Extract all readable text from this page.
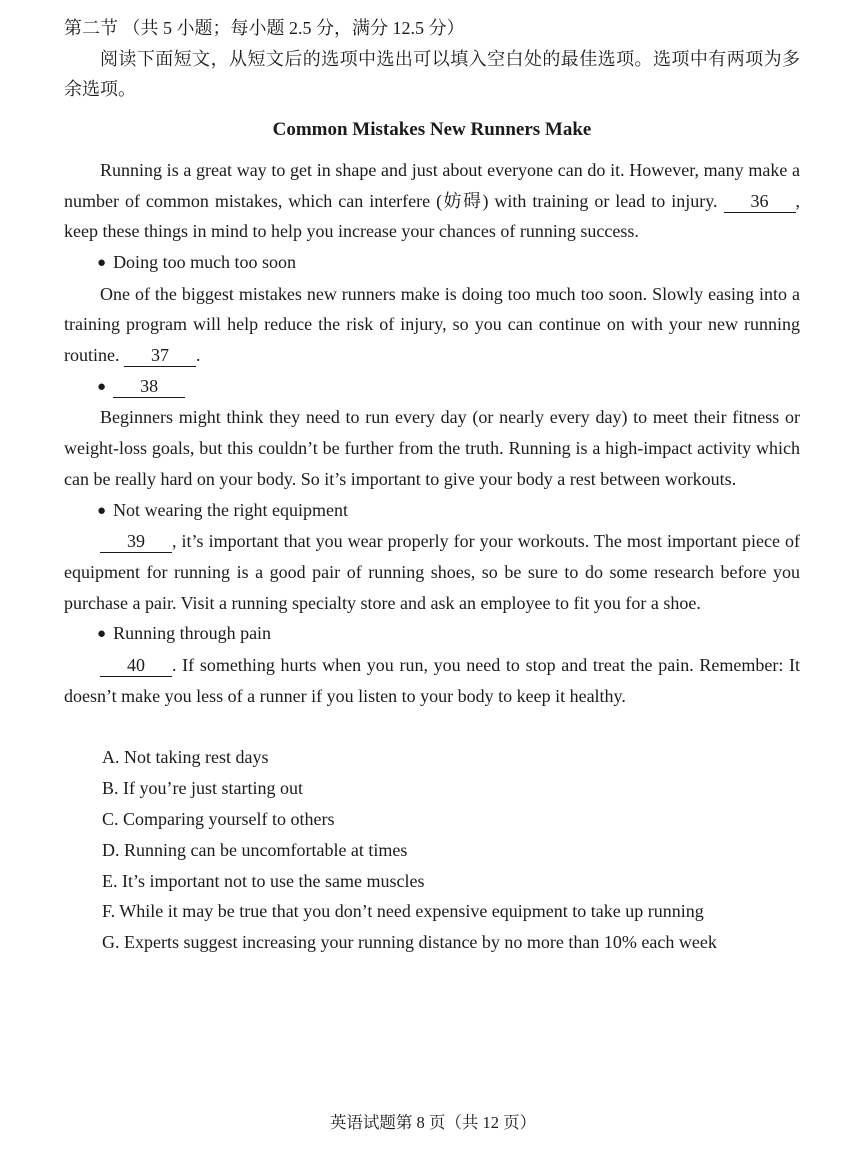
第二节 （共 5 小题；每小题 2.5 分，满分 12.5 分）

阅读下面短文，从短文后的选项中选出可以填入空白处的最佳选项。选项中有两项为多余选项。

Common Mistakes New Runners Make

Running is a great way to get in shape and just about everyone can do it. However, many make a number of common mistakes, which can interfere (妨碍) with training or lead to injury. 36 , keep these things in mind to help you increase your chances of running success.

● Doing too much too soon

One of the biggest mistakes new runners make is doing too much too soon. Slowly easing into a training program will help reduce the risk of injury, so you can continue on with your new running routine. 37 .

● 38

Beginners might think they need to run every day (or nearly every day) to meet their fitness or weight-loss goals, but this couldn’t be further from the truth. Running is a high-impact activity which can be really hard on your body. So it’s important to give your body a rest between workouts.

● Not wearing the right equipment

39 , it’s important that you wear properly for your workouts. The most important piece of equipment for running is a good pair of running shoes, so be sure to do some research before you purchase a pair. Visit a running specialty store and ask an employee to fit you for a shoe.

● Running through pain

40 . If something hurts when you run, you need to stop and treat the pain. Remember: It doesn’t make you less of a runner if you listen to your body to keep it healthy.

A. Not taking rest days

B. If you’re just starting out

C. Comparing yourself to others

D. Running can be uncomfortable at times

E. It’s important not to use the same muscles

F. While it may be true that you don’t need expensive equipment to take up running

G. Experts suggest increasing your running distance by no more than 10% each week

英语试题第 8 页（共 12 页）
